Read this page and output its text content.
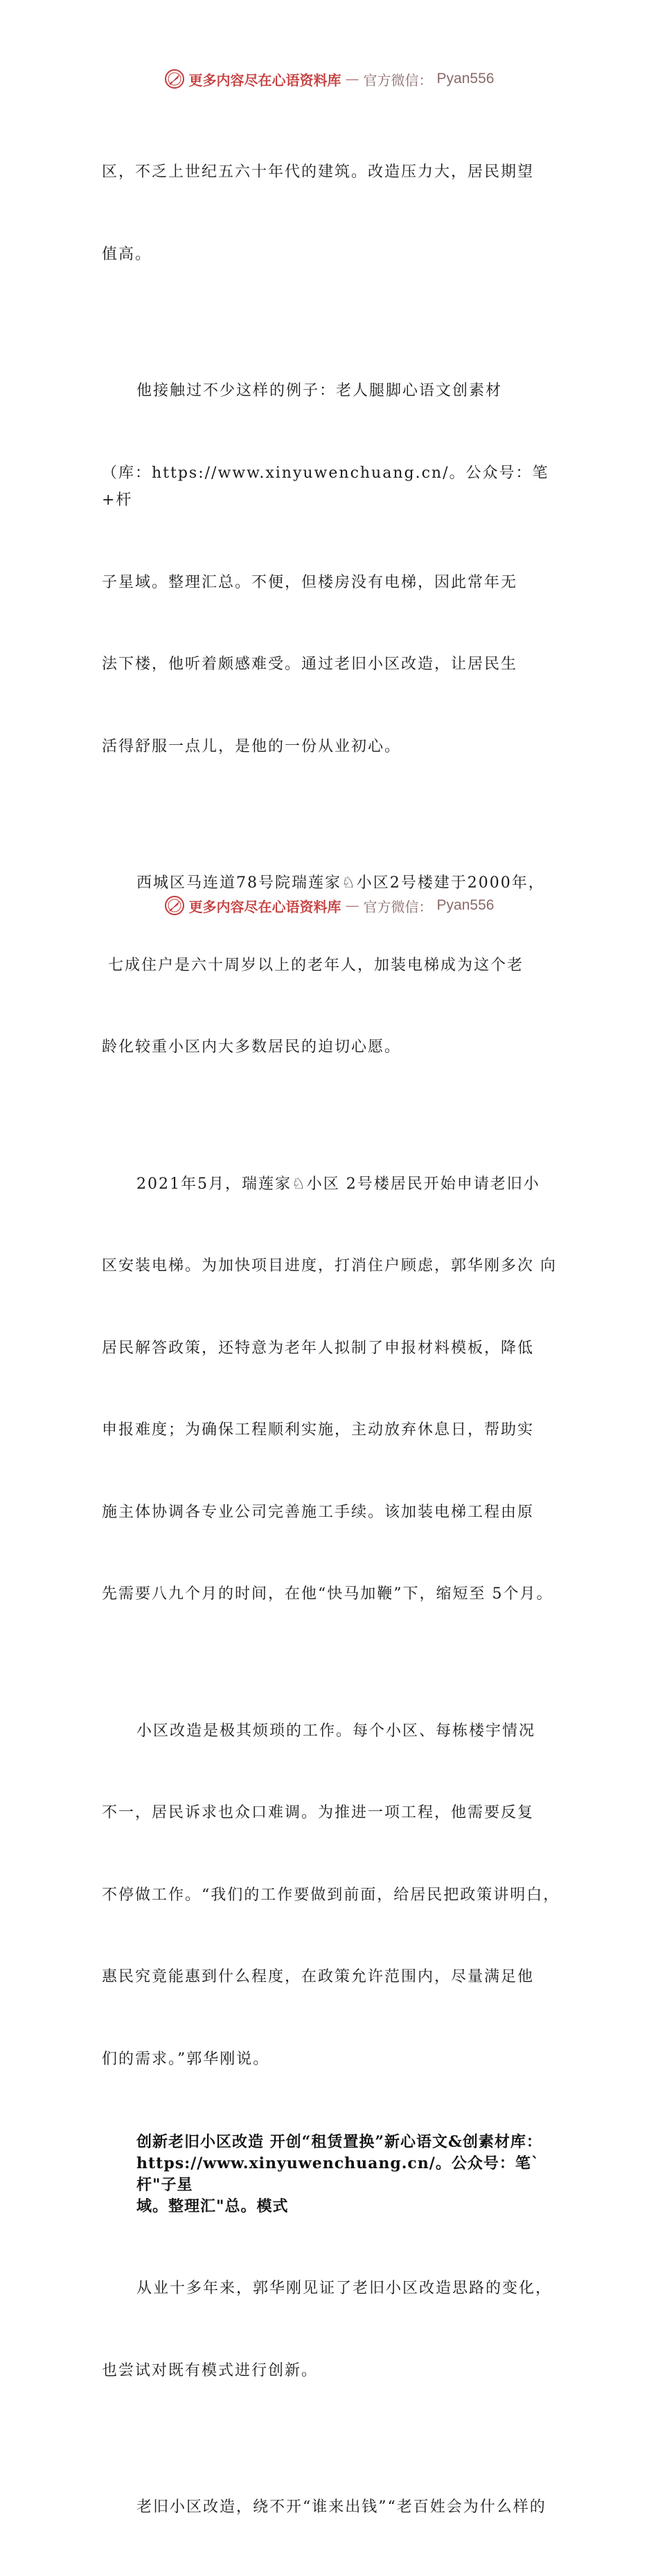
更多内容尽在心语资料库 — 官方微信： Pyan556

区，不乏上世纪五六十年代的建筑。改造压力大，居民期望

值高。

他接触过不少这样的例子：老人腿脚心语文创素材

（库：https://www.xinyuwenchuang.cn/。公众号：笔+杆

子星域。整理汇总。不便，但楼房没有电梯，因此常年无

法下楼，他听着颇感难受。通过老旧小区改造，让居民生

活得舒服一点儿，是他的一份从业初心。

西城区马连道78号院瑞莲家♘小区2号楼建于2000年，

七成住户是六十周岁以上的老年人，加装电梯成为这个老

龄化较重小区内大多数居民的迫切心愿。

2021年5月，瑞莲家♘小区 2号楼居民开始申请老旧小

区安装电梯。为加快项目进度，打消住户顾虑，郭华刚多次 向

居民解答政策，还特意为老年人拟制了申报材料模板，降低

申报难度；为确保工程顺利实施，主动放弃休息日，帮助实

施主体协调各专业公司完善施工手续。该加装电梯工程由原

先需要八九个月的时间，在他“快马加鞭”下，缩短至 5个月。

小区改造是极其烦琐的工作。每个小区、每栋楼宇情况

不一，居民诉求也众口难调。为推进一项工程，他需要反复

不停做工作。“我们的工作要做到前面，给居民把政策讲明白，

惠民究竟能惠到什么程度，在政策允许范围内，尽量满足他

们的需求。”郭华刚说。

创新老旧小区改造 开创“租赁置换”新心语文&创素材库：
https://www.xinyuwenchuang.cn/。公众号：笔`杆"子星
域。整理汇"总。模式

从业十多年来，郭华刚见证了老旧小区改造思路的变化，

也尝试对既有模式进行创新。

老旧小区改造，绕不开“谁来出钱”“老百姓会为什么样的

更多内容尽在心语资料库 — 官方微信： Pyan556
